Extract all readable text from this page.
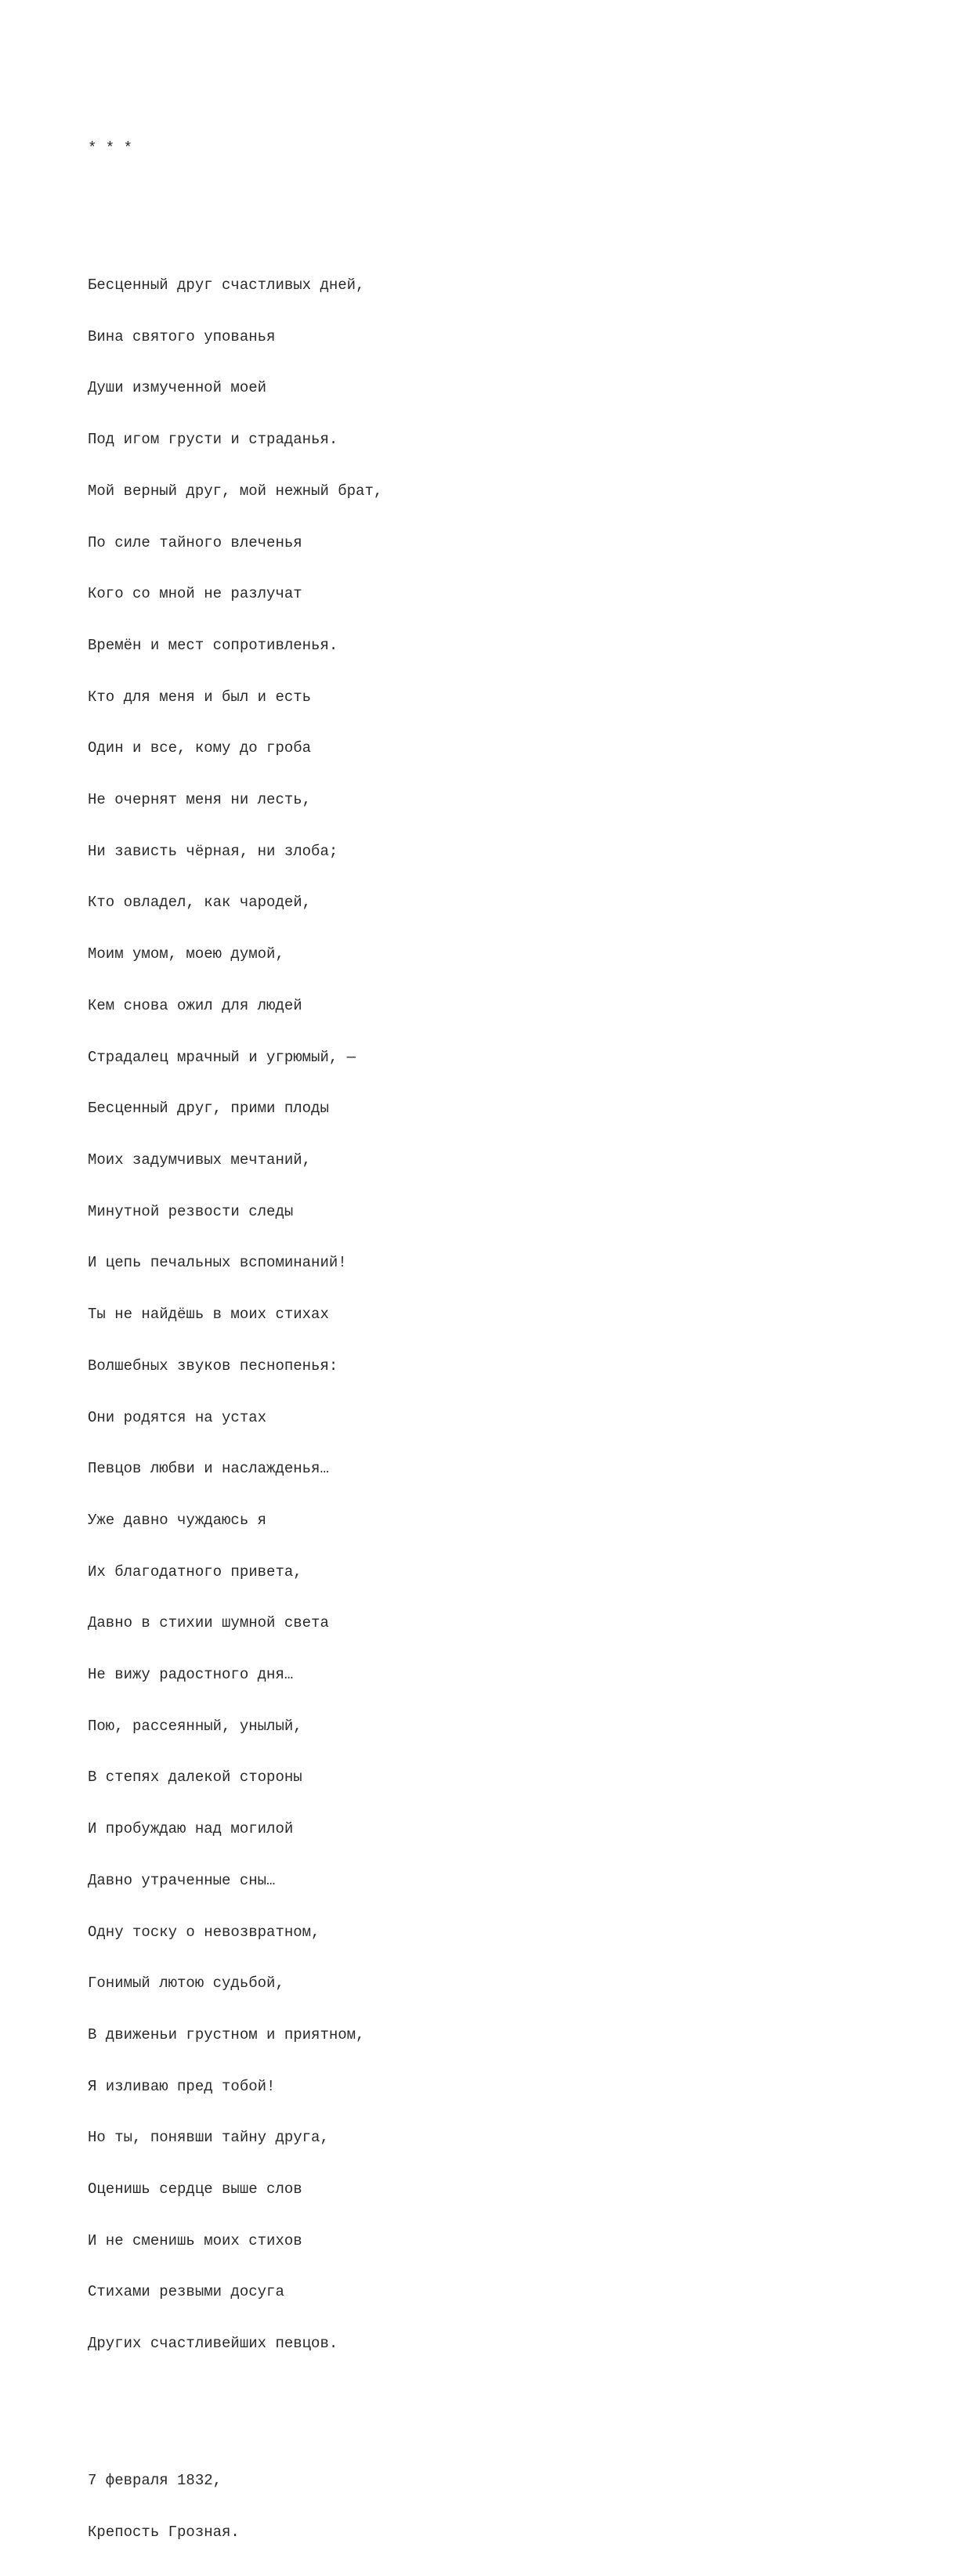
* * *

Бесценный друг счастливых дней,

Вина святого упованья

Души измученной моей

Под игом грусти и страданья.

Мой верный друг, мой нежный брат,

По силе тайного влеченья

Кого со мной не разлучат

Времён и мест сопротивленья.

Кто для меня и был и есть

Один и все, кому до гроба

Не очернят меня ни лесть,

Ни зависть чёрная, ни злоба;

Кто овладел, как чародей,

Моим умом, моею думой,

Кем снова ожил для людей

Страдалец мрачный и угрюмый, —

Бесценный друг, прими плоды

Моих задумчивых мечтаний,

Минутной резвости следы

И цепь печальных вспоминаний!

Ты не найдёшь в моих стихах

Волшебных звуков песнопенья:

Они родятся на устах

Певцов любви и наслажденья…

Уже давно чуждаюсь я

Их благодатного привета,

Давно в стихии шумной света

Не вижу радостного дня…

Пою, рассеянный, унылый,

В степях далекой стороны

И пробуждаю над могилой

Давно утраченные сны…

Одну тоску о невозвратном,

Гонимый лютою судьбой,

В движеньи грустном и приятном,

Я изливаю пред тобой!

Но ты, понявши тайну друга,

Оценишь сердце выше слов

И не сменишь моих стихов

Стихами резвыми досуга

Других счастливейших певцов.

7 февраля 1832,

Крепость Грозная.
